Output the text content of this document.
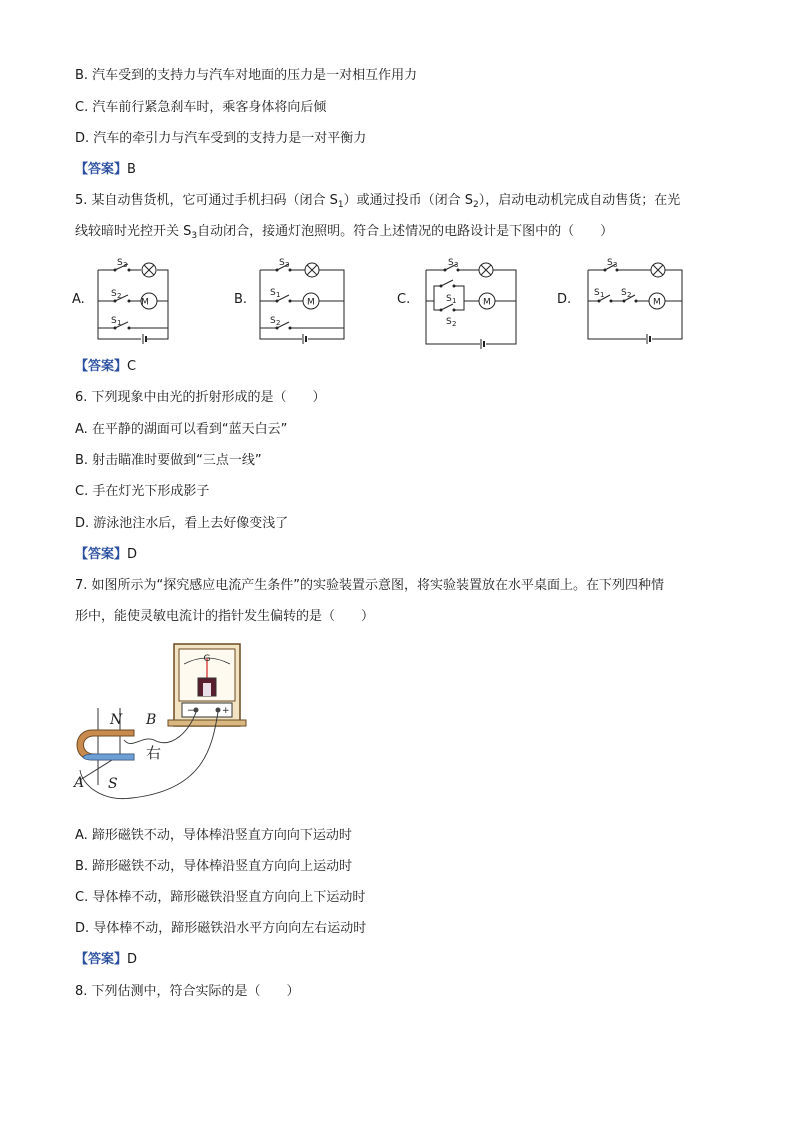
B. 汽车受到的支持力与汽车对地面的压力是一对相互作用力
C. 汽车前行紧急刹车时，乘客身体将向后倾
D. 汽车的牵引力与汽车受到的支持力是一对平衡力
【答案】B
5. 某自动售货机，它可通过手机扫码（闭合 $S_1$）或通过投币（闭合 $S_2$），启动电动机完成自动售货；在光
线较暗时光控开关 $S_3$自动闭合，接通灯泡照明。符合上述情况的电路设计是下图中的（　　）
A.	B.	C.	D.
M
S 3
S 2
S 1
M
S 3
S 1
S 2
M
S 3
S 1
S 2
M
S 3
S 1 S 2
【答案】C
6. 下列现象中由光的折射形成的是（　　）
A. 在平静的湖面可以看到“蓝天白云”
B. 射击瞄准时要做到“三点一线”
C. 手在灯光下形成影子
D. 游泳池注水后，看上去好像变浅了
【答案】D
7. 如图所示为“探究感应电流产生条件”的实验装置示意图，将实验装置放在水平桌面上。在下列四种情
形中，能使灵敏电流计的指针发生偏转的是（　　）
G
−	+
N
S
A
B
右
A. 蹄形磁铁不动，导体棒沿竖直方向向下运动时
B. 蹄形磁铁不动，导体棒沿竖直方向向上运动时
C. 导体棒不动，蹄形磁铁沿竖直方向向上下运动时
D. 导体棒不动，蹄形磁铁沿水平方向向左右运动时
【答案】D
8. 下列估测中，符合实际的是（　　）
